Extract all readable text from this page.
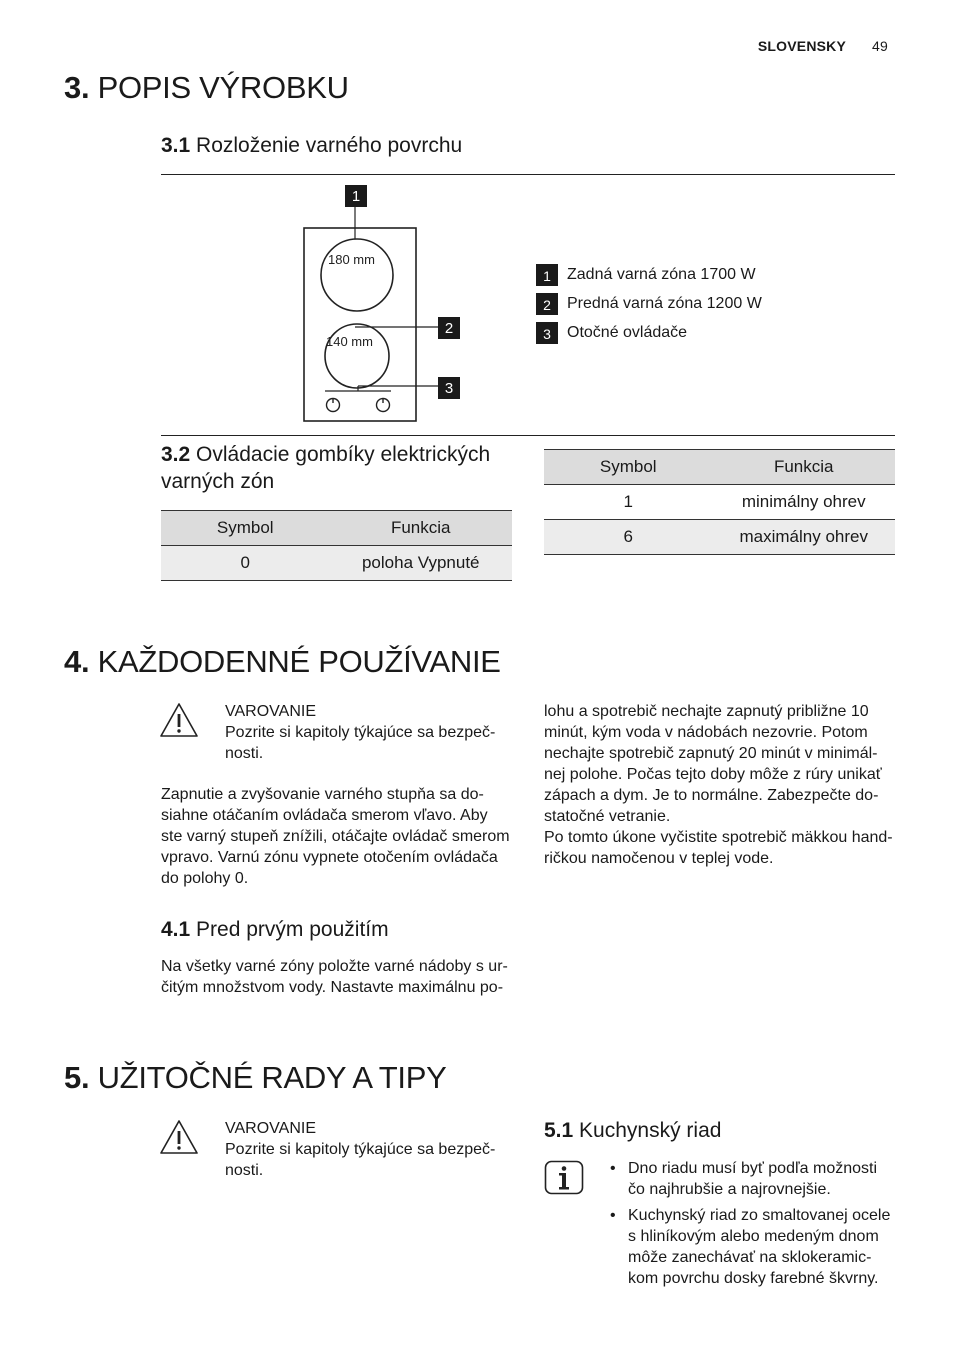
SLOVENSKY 49
3. POPIS VÝROBKU
3.1 Rozloženie varného povrchu
180 mm
140 mm
1
2
3
1	Zadná varná zóna 1700 W
2	Predná varná zóna 1200 W
3	Otočné ovládače
3.2 Ovládacie gombíky elektrických
varných zón
Symbol	Funkcia
0	poloha Vypnuté
Symbol	Funkcia
1	minimálny ohrev
6	maximálny ohrev
4. KAŽDODENNÉ POUŽÍVANIE
VAROVANIE
Pozrite si kapitoly týkajúce sa bezpeč-
nosti.
Zapnutie a zvyšovanie varného stupňa sa do-
siahne otáčaním ovládača smerom vľavo. Aby
ste varný stupeň znížili, otáčajte ovládač smerom
vpravo. Varnú zónu vypnete otočením ovládača
do polohy 0.
4.1 Pred prvým použitím
Na všetky varné zóny položte varné nádoby s ur-
čitým množstvom vody. Nastavte maximálnu po-
lohu a spotrebič nechajte zapnutý približne 10
minút, kým voda v nádobách nezovrie. Potom
nechajte spotrebič zapnutý 20 minút v minimál-
nej polohe. Počas tejto doby môže z rúry unikať
zápach a dym. Je to normálne. Zabezpečte do-
statočné vetranie.
Po tomto úkone vyčistite spotrebič mäkkou hand-
ričkou namočenou v teplej vode.
5. UŽITOČNÉ RADY A TIPY
VAROVANIE
Pozrite si kapitoly týkajúce sa bezpeč-
nosti.
5.1 Kuchynský riad
• Dno riadu musí byť podľa možnosti
čo najhrubšie a najrovnejšie.
• Kuchynský riad zo smaltovanej ocele
s hliníkovým alebo medeným dnom
môže zanechávať na sklokeramic-
kom povrchu dosky farebné škvrny.
